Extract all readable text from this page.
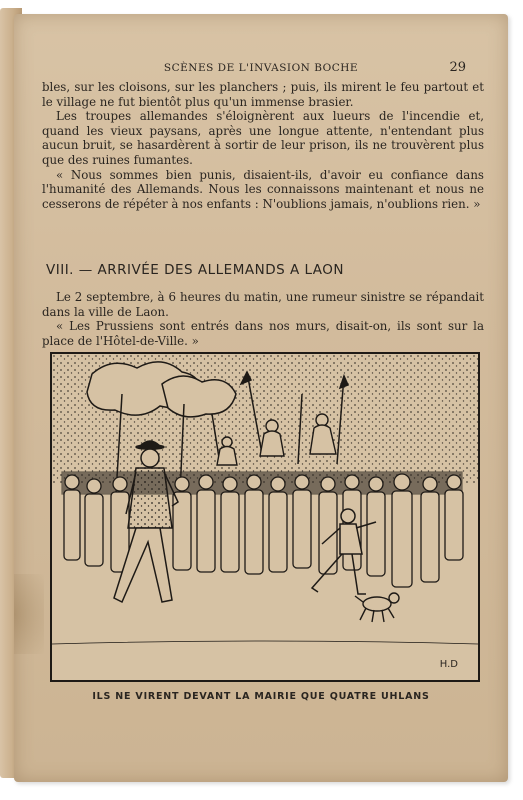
SCÈNES DE L'INVASION BOCHE	29

bles, sur les cloisons, sur les planchers ; puis, ils mirent le feu partout et le village ne fut bientôt plus qu'un immense brasier.

Les troupes allemandes s'éloignèrent aux lueurs de l'incendie et, quand les vieux paysans, après une longue attente, n'entendant plus aucun bruit, se hasardèrent à sortir de leur prison, ils ne trouvèrent plus que des ruines fumantes.

« Nous sommes bien punis, disaient-ils, d'avoir eu confiance dans l'humanité des Allemands. Nous les connaissons maintenant et nous ne cesserons de répéter à nos enfants : N'oublions jamais, n'oublions rien. »

VIII. — ARRIVÉE DES ALLEMANDS A LAON

Le 2 septembre, à 6 heures du matin, une rumeur sinistre se répandait dans la ville de Laon.

« Les Prussiens sont entrés dans nos murs, disait-on, ils sont sur la place de l'Hôtel-de-Ville. »

H.D
ILS NE VIRENT DEVANT LA MAIRIE QUE QUATRE UHLANS
